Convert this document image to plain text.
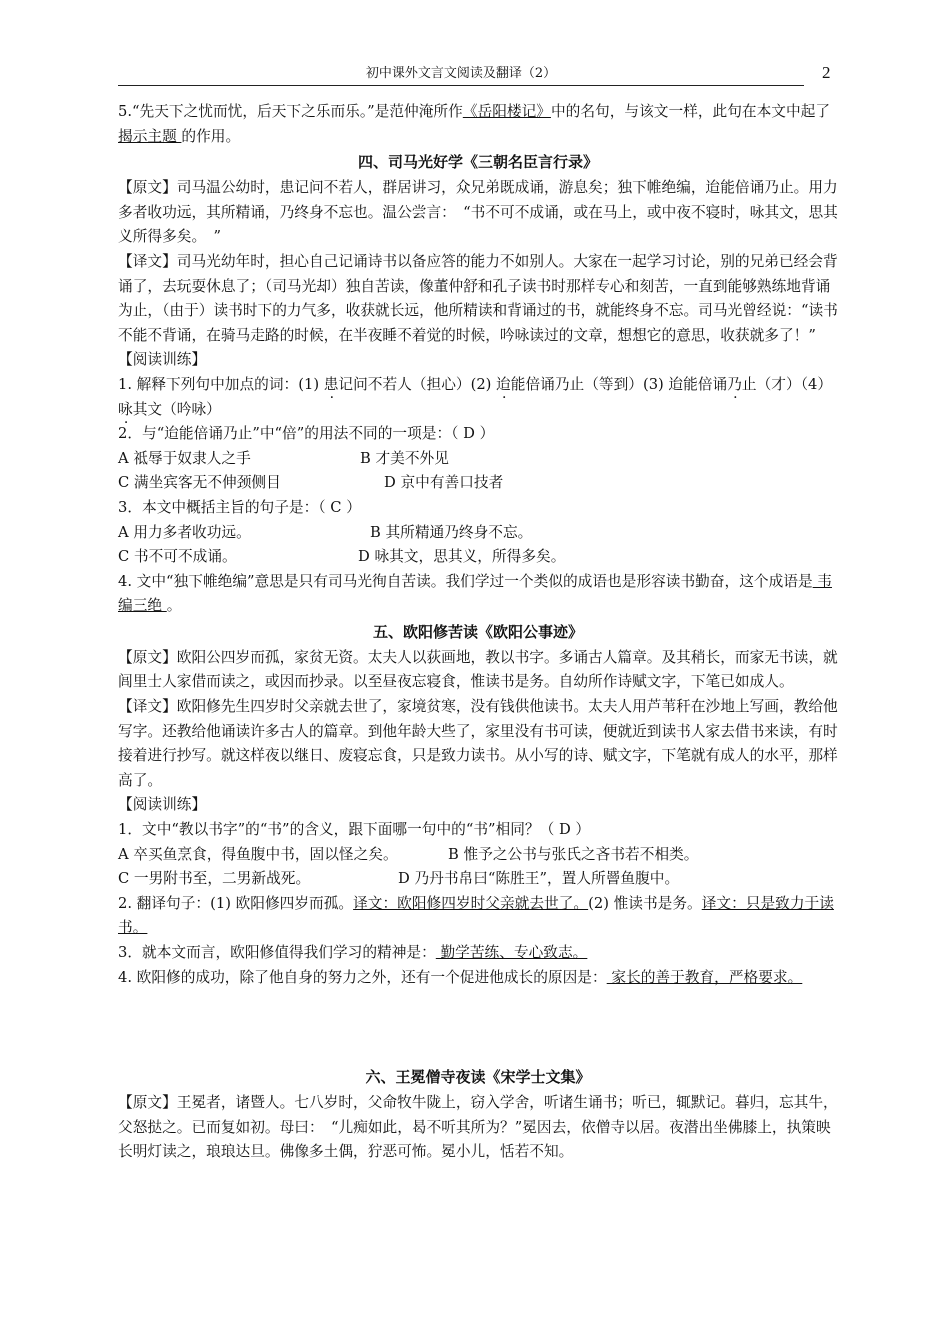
初中课外文言文阅读及翻译（2）	2

5.“先天下之忧而忧，后天下之乐而乐。”是范仲淹所作《岳阳楼记》中的名句，与该文一样，此句在本文中起了 揭示主题 的作用。

四、司马光好学《三朝名臣言行录》

【原文】司马温公幼时，患记问不若人，群居讲习，众兄弟既成诵，游息矣；独下帷绝编，迨能倍诵乃止。用力多者收功远，其所精诵，乃终身不忘也。温公尝言：　“书不可不成诵，或在马上，或中夜不寝时，咏其文，思其义所得多矣。　”

【译文】司马光幼年时，担心自己记诵诗书以备应答的能力不如别人。大家在一起学习讨论，别的兄弟已经会背诵了，去玩耍休息了；（司马光却）独自苦读，像董仲舒和孔子读书时那样专心和刻苦，一直到能够熟练地背诵为止，（由于）读书时下的力气多，收获就长远，他所精读和背诵过的书，就能终身不忘。司马光曾经说：“读书不能不背诵，在骑马走路的时候，在半夜睡不着觉的时候，吟咏读过的文章，想想它的意思，收获就多了！”

【阅读训练】

1. 解释下列句中加点的词：(1) 患记问不若人（担心）(2) 迨能倍诵乃止（等到）(3) 迨能倍诵乃止（才）（4）咏其文（吟咏）

2．与“迨能倍诵乃止”中“倍”的用法不同的一项是：（ D ）

A 祗辱于奴隶人之手	B 才美不外见

C 满坐宾客无不伸颈侧目	D 京中有善口技者

3．本文中概括主旨的句子是：（ C ）

A 用力多者收功远。	B 其所精通乃终身不忘。

C 书不可不成诵。	D 咏其文，思其义，所得多矣。

4. 文中“独下帷绝编”意思是只有司马光徇自苦读。我们学过一个类似的成语也是形容读书勤奋，这个成语是 韦编三绝 。

五、欧阳修苦读《欧阳公事迹》

【原文】欧阳公四岁而孤，家贫无资。太夫人以荻画地，教以书字。多诵古人篇章。及其稍长，而家无书读，就闾里士人家借而读之，或因而抄录。以至昼夜忘寝食，惟读书是务。自幼所作诗赋文字，下笔已如成人。

【译文】欧阳修先生四岁时父亲就去世了，家境贫寒，没有钱供他读书。太夫人用芦苇秆在沙地上写画，教给他写字。还教给他诵读许多古人的篇章。到他年龄大些了，家里没有书可读，便就近到读书人家去借书来读，有时接着进行抄写。就这样夜以继日、废寝忘食，只是致力读书。从小写的诗、赋文字，下笔就有成人的水平，那样高了。

【阅读训练】

1．文中“教以书字”的“书”的含义，跟下面哪一句中的“书”相同？（ D ）

A 卒买鱼烹食，得鱼腹中书，固以怪之矣。	B 惟予之公书与张氏之吝书若不相类。

C 一男附书至，二男新战死。	D 乃丹书帛曰“陈胜王”，置人所罾鱼腹中。

2. 翻译句子：(1) 欧阳修四岁而孤。译文：欧阳修四岁时父亲就去世了。(2) 惟读书是务。译文：只是致力于读书。

3．就本文而言，欧阳修值得我们学习的精神是： 勤学苦练、专心致志。

4. 欧阳修的成功，除了他自身的努力之外，还有一个促进他成长的原因是： 家长的善于教育，严格要求。

六、王冕僧寺夜读《宋学士文集》

【原文】王冕者，诸暨人。七八岁时，父命牧牛陇上，窃入学舍，听诸生诵书；听已，辄默记。暮归，忘其牛，父怒挞之。已而复如初。母曰：　“儿痴如此，曷不听其所为？”冕因去，依僧寺以居。夜潜出坐佛膝上，执策映长明灯读之，琅琅达旦。佛像多土偶，狞恶可怖。冕小儿，恬若不知。
